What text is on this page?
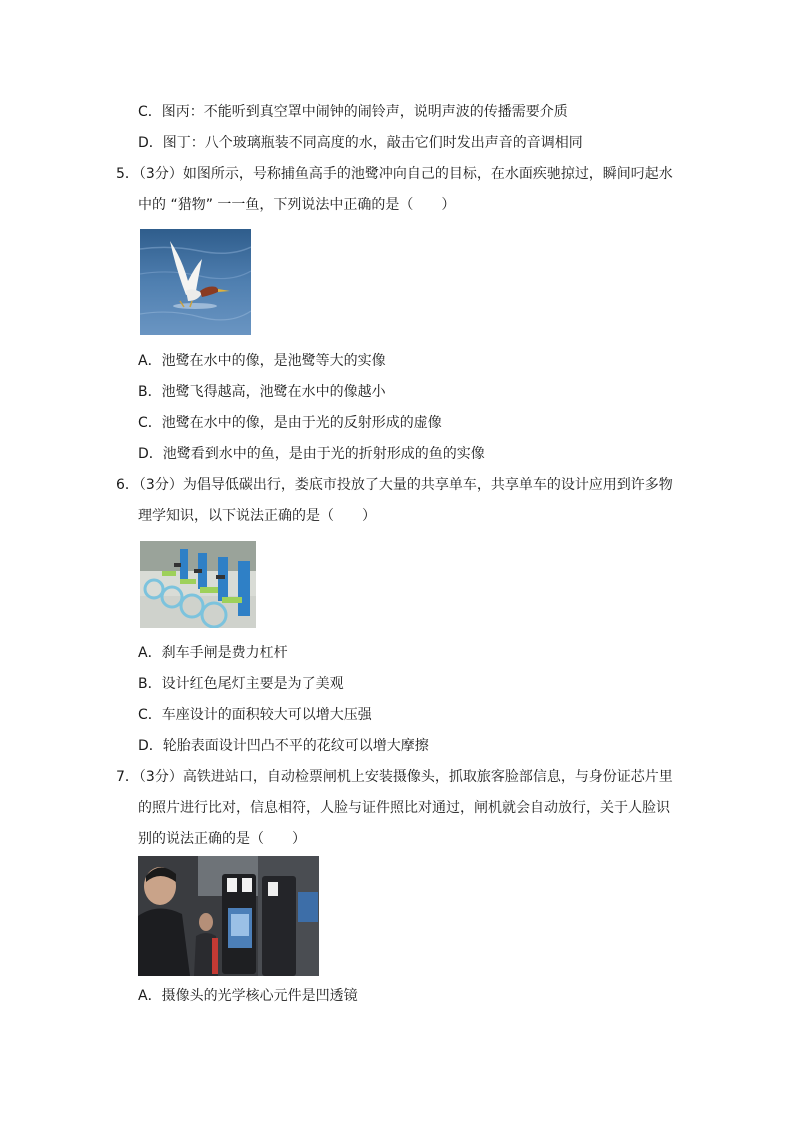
C．图丙：不能听到真空罩中闹钟的闹铃声，说明声波的传播需要介质
D．图丁：八个玻璃瓶装不同高度的水，敲击它们时发出声音的音调相同
5．（3分）如图所示，号称捕鱼高手的池鹭冲向自己的目标，在水面疾驰掠过，瞬间叼起水
中的 “猎物” 一一鱼，下列说法中正确的是（　　）
A．池鹭在水中的像，是池鹭等大的实像
B．池鹭飞得越高，池鹭在水中的像越小
C．池鹭在水中的像，是由于光的反射形成的虚像
D．池鹭看到水中的鱼，是由于光的折射形成的鱼的实像
6．（3分）为倡导低碳出行，娄底市投放了大量的共享单车，共享单车的设计应用到许多物
理学知识，以下说法正确的是（　　）
A．刹车手闸是费力杠杆
B．设计红色尾灯主要是为了美观
C．车座设计的面积较大可以增大压强
D．轮胎表面设计凹凸不平的花纹可以增大摩擦
7．（3分）高铁进站口，自动检票闸机上安装摄像头，抓取旅客脸部信息，与身份证芯片里
的照片进行比对，信息相符，人脸与证件照比对通过，闸机就会自动放行，关于人脸识
别的说法正确的是（　　）
A．摄像头的光学核心元件是凹透镜
